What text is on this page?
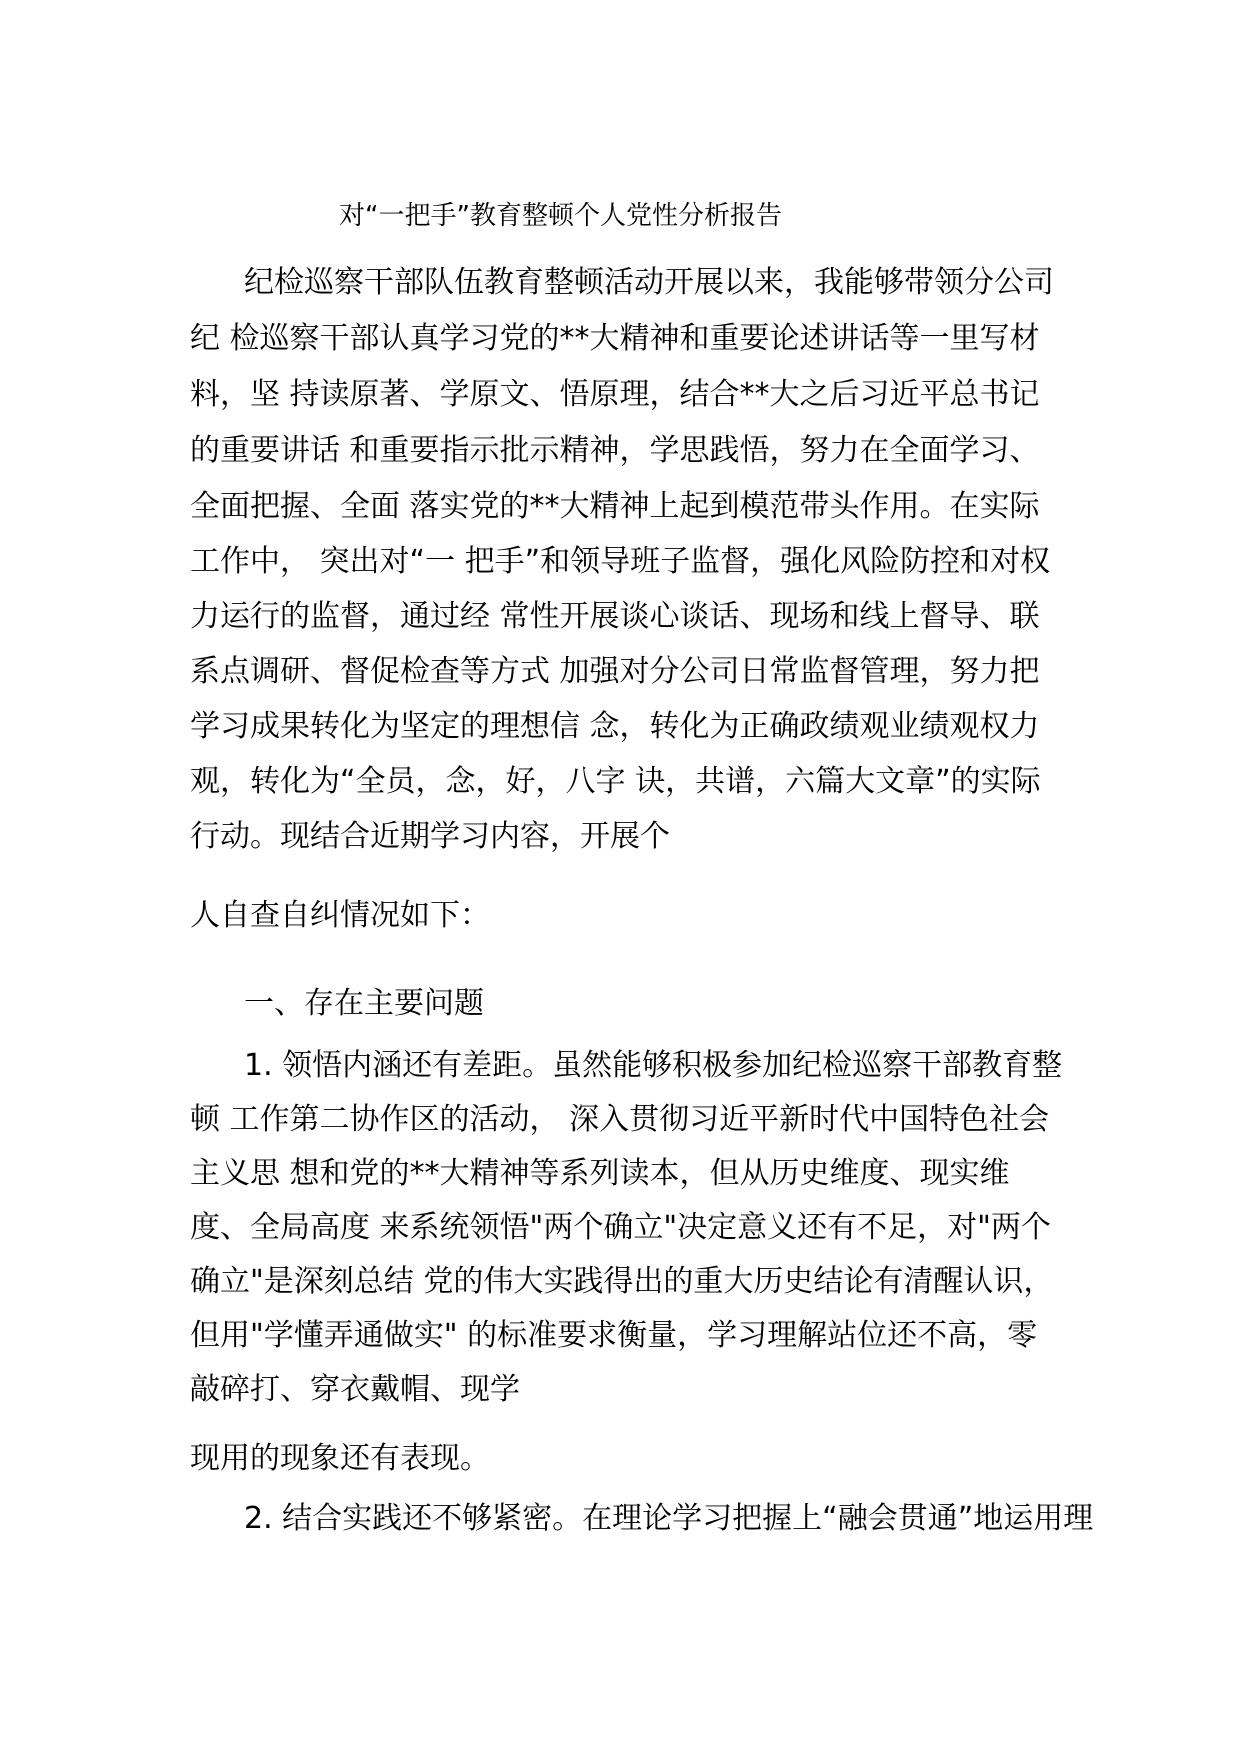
对“一把手”教育整顿个人党性分析报告
纪检巡察干部队伍教育整顿活动开展以来，我能够带领分公司
纪 检巡察干部认真学习党的**大精神和重要论述讲话等一里写材
料，坚 持读原著、学原文、悟原理，结合**大之后习近平总书记
的重要讲话 和重要指示批示精神，学思践悟，努力在全面学习、
全面把握、全面 落实党的**大精神上起到模范带头作用。在实际
工作中， 突出对“一 把手”和领导班子监督，强化风险防控和对权
力运行的监督，通过经 常性开展谈心谈话、现场和线上督导、联
系点调研、督促检查等方式 加强对分公司日常监督管理，努力把
学习成果转化为坚定的理想信 念，转化为正确政绩观业绩观权力
观，转化为“全员，念，好，八字 诀，共谱，六篇大文章”的实际
行动。现结合近期学习内容，开展个
人自查自纠情况如下：
一、存在主要问题
1. 领悟内涵还有差距。虽然能够积极参加纪检巡察干部教育整
顿 工作第二协作区的活动， 深入贯彻习近平新时代中国特色社会
主义思 想和党的**大精神等系列读本，但从历史维度、现实维
度、全局高度 来系统领悟"两个确立"决定意义还有不足，对"两个
确立"是深刻总结 党的伟大实践得出的重大历史结论有清醒认识，
但用"学懂弄通做实" 的标准要求衡量，学习理解站位还不高，零
敲碎打、穿衣戴帽、现学
现用的现象还有表现。
2. 结合实践还不够紧密。在理论学习把握上“融会贯通”地运用理
